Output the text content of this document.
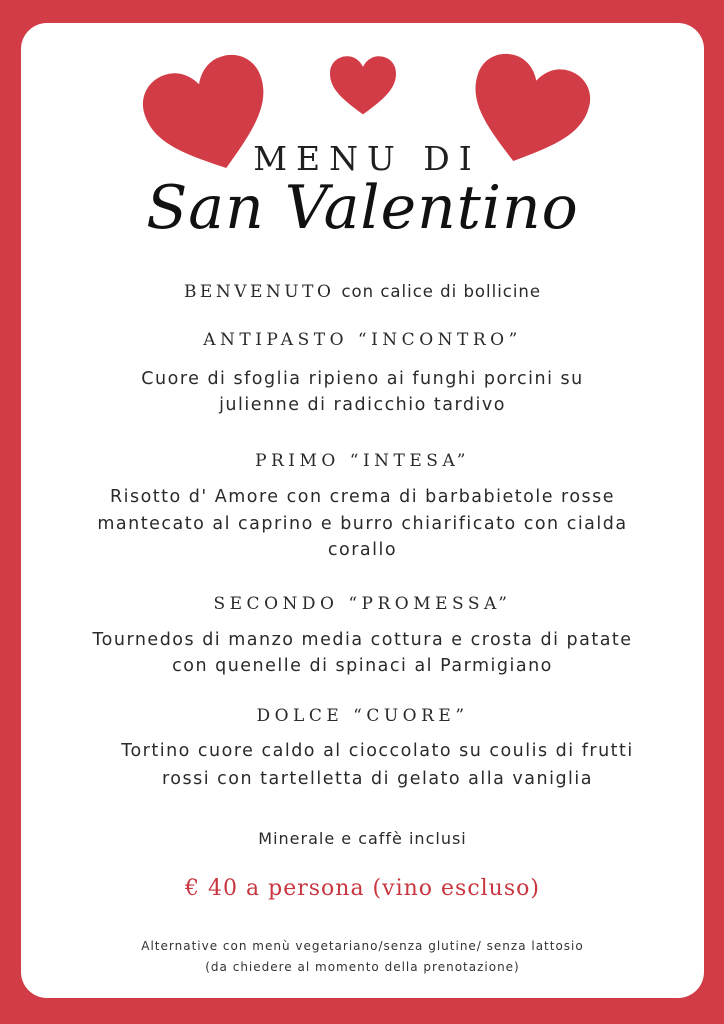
MENU DI
San Valentino
BENVENUTO con calice di bollicine
ANTIPASTO “INCONTRO”
Cuore di sfoglia ripieno ai funghi porcini su
julienne di radicchio tardivo
PRIMO “INTESA”
Risotto d' Amore con crema di barbabietole rosse
mantecato al caprino e burro chiarificato con cialda
corallo
SECONDO “PROMESSA”
Tournedos di manzo media cottura e crosta di patate
con quenelle di spinaci al Parmigiano
DOLCE “CUORE”
Tortino cuore caldo al cioccolato su coulis di frutti
rossi con tartelletta di gelato alla vaniglia
Minerale e caffè inclusi
€ 40 a persona (vino escluso)
Alternative con menù vegetariano/senza glutine/ senza lattosio
(da chiedere al momento della prenotazione)
